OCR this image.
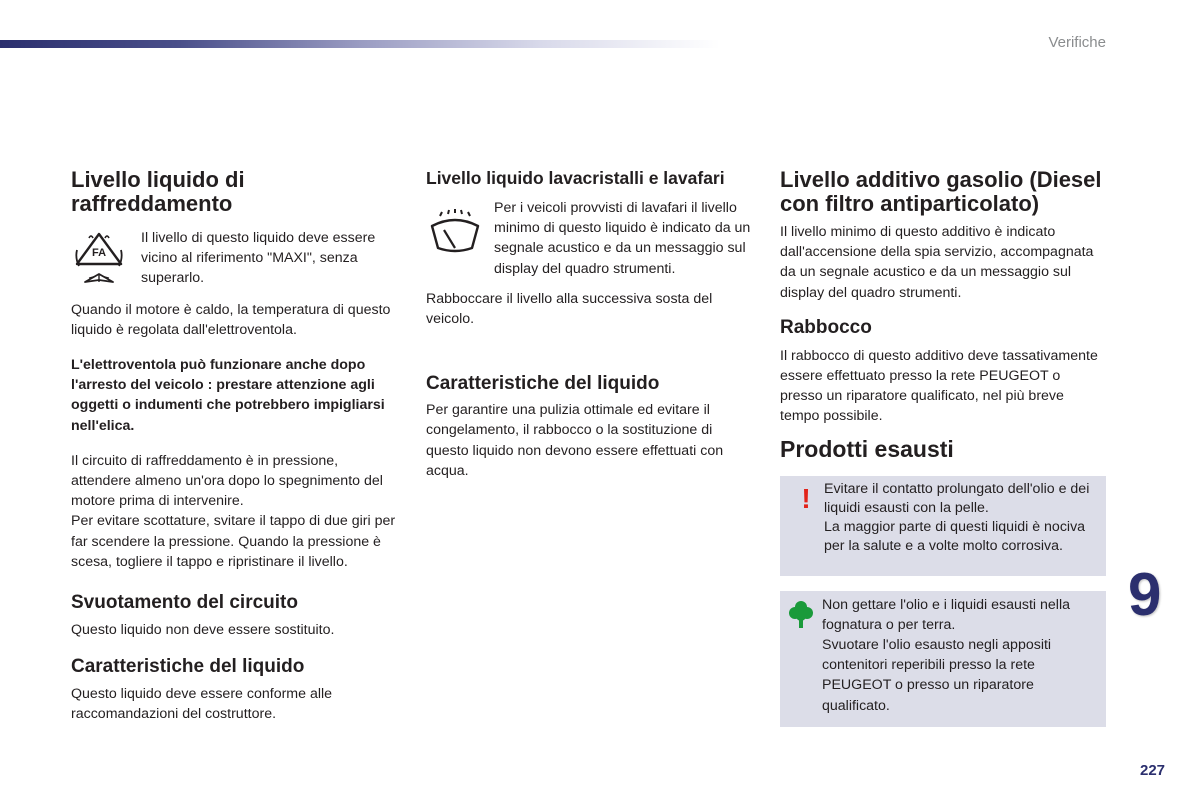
Verifiche
Livello liquido di raffreddamento
FA

Il livello di questo liquido deve essere vicino al riferimento "MAXI", senza superarlo.

Quando il motore è caldo, la temperatura di questo liquido è regolata dall'elettroventola.

L'elettroventola può funzionare anche dopo l'arresto del veicolo : prestare attenzione agli oggetti o indumenti che potrebbero impigliarsi nell'elica.

Il circuito di raffreddamento è in pressione, attendere almeno un'ora dopo lo spegnimento del motore prima di intervenire.

Per evitare scottature, svitare il tappo di due giri per far scendere la pressione. Quando la pressione è scesa, togliere il tappo e ripristinare il livello.

Svuotamento del circuito

Questo liquido non deve essere sostituito.

Caratteristiche del liquido

Questo liquido deve essere conforme alle raccomandazioni del costruttore.

Livello liquido lavacristalli e lavafari

Per i veicoli provvisti di lavafari il livello minimo di questo liquido è indicato da un segnale acustico e da un messaggio sul display del quadro strumenti.

Rabboccare il livello alla successiva sosta del veicolo.

Caratteristiche del liquido

Per garantire una pulizia ottimale ed evitare il congelamento, il rabbocco o la sostituzione di questo liquido non devono essere effettuati con acqua.

Livello additivo gasolio (Diesel con filtro antiparticolato)

Il livello minimo di questo additivo è indicato dall'accensione della spia servizio, accompagnata da un segnale acustico e da un messaggio sul display del quadro strumenti.

Rabbocco

Il rabbocco di questo additivo deve tassativamente essere effettuato presso la rete PEUGEOT o presso un riparatore qualificato, nel più breve tempo possibile.

Prodotti esausti
! Evitare il contatto prolungato dell'olio e dei liquidi esausti con la pelle.

La maggior parte di questi liquidi è nociva per la salute e a volte molto corrosiva.

Non gettare l'olio e i liquidi esausti nella fognatura o per terra.

Svuotare l'olio esausto negli appositi contenitori reperibili presso la rete PEUGEOT o presso un riparatore qualificato.

9
227
